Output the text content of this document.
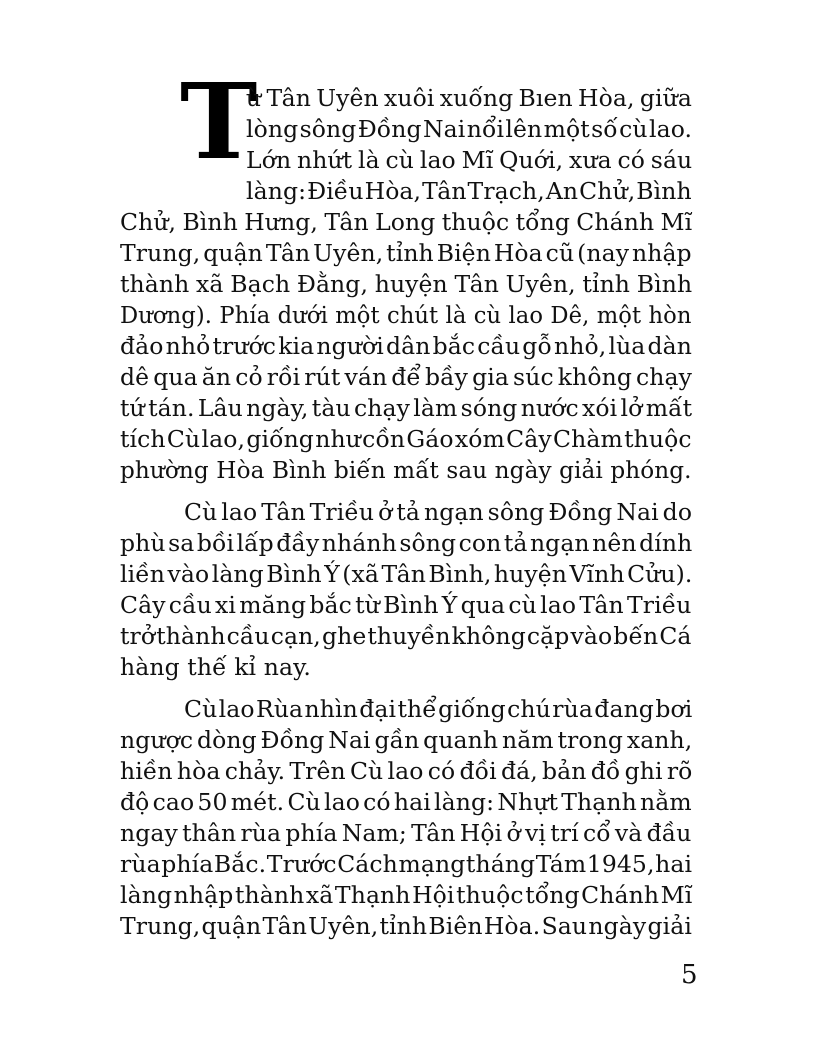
T
ừ Tân Uyên xuôi xuống Bıen Hòa, giữa
lòng sông Đồng Nai nổi lên một số cù lao.
Lớn nhứt là cù lao Mĩ Quới, xưa có sáu
làng: Điều Hòa, Tân Trạch, An Chử, Bình
Chử, Bình Hưng, Tân Long thuộc tổng Chánh Mĩ
Trung, quận Tân Uyên, tỉnh Biện Hòa cũ (nay nhập
thành xã Bạch Đằng, huyện Tân Uyên, tỉnh Bình
Dương). Phía dưới một chút là cù lao Dê, một hòn
đảo nhỏ trước kia người dân bắc cầu gỗ nhỏ, lùa dàn
dê qua ăn cỏ rồi rút ván để bầy gia súc không chạy
tứ tán. Lâu ngày, tàu chạy làm sóng nước xói lở mất
tích Cù lao, giống như cồn Gáo xóm Cây Chàm thuộc
phường Hòa Bình biến mất sau ngày giải phóng.
Cù lao Tân Triều ở tả ngạn sông Đồng Nai do
phù sa bồi lấp đầy nhánh sông con tả ngạn nên dính
liền vào làng Bình Ý (xã Tân Bình, huyện Vĩnh Cửu).
Cây cầu xi măng bắc từ Bình Ý qua cù lao Tân Triều
trở thành cầu cạn, ghe thuyền không cặp vào bến Cá
hàng thế kỉ nay.
Cù lao Rùa nhìn đại thể giống chú rùa đang bơi
ngược dòng Đồng Nai gần quanh năm trong xanh,
hiền hòa chảy. Trên Cù lao có đồi đá, bản đồ ghi rõ
độ cao 50 mét. Cù lao có hai làng: Nhựt Thạnh nằm
ngay thân rùa phía Nam; Tân Hội ở vị trí cổ và đầu
rùa phía Bắc. Trước Cách mạng tháng Tám 1945, hai
làng nhập thành xã Thạnh Hội thuộc tổng Chánh Mĩ
Trung, quận Tân Uyên, tỉnh Biên Hòa. Sau ngày giải
5
